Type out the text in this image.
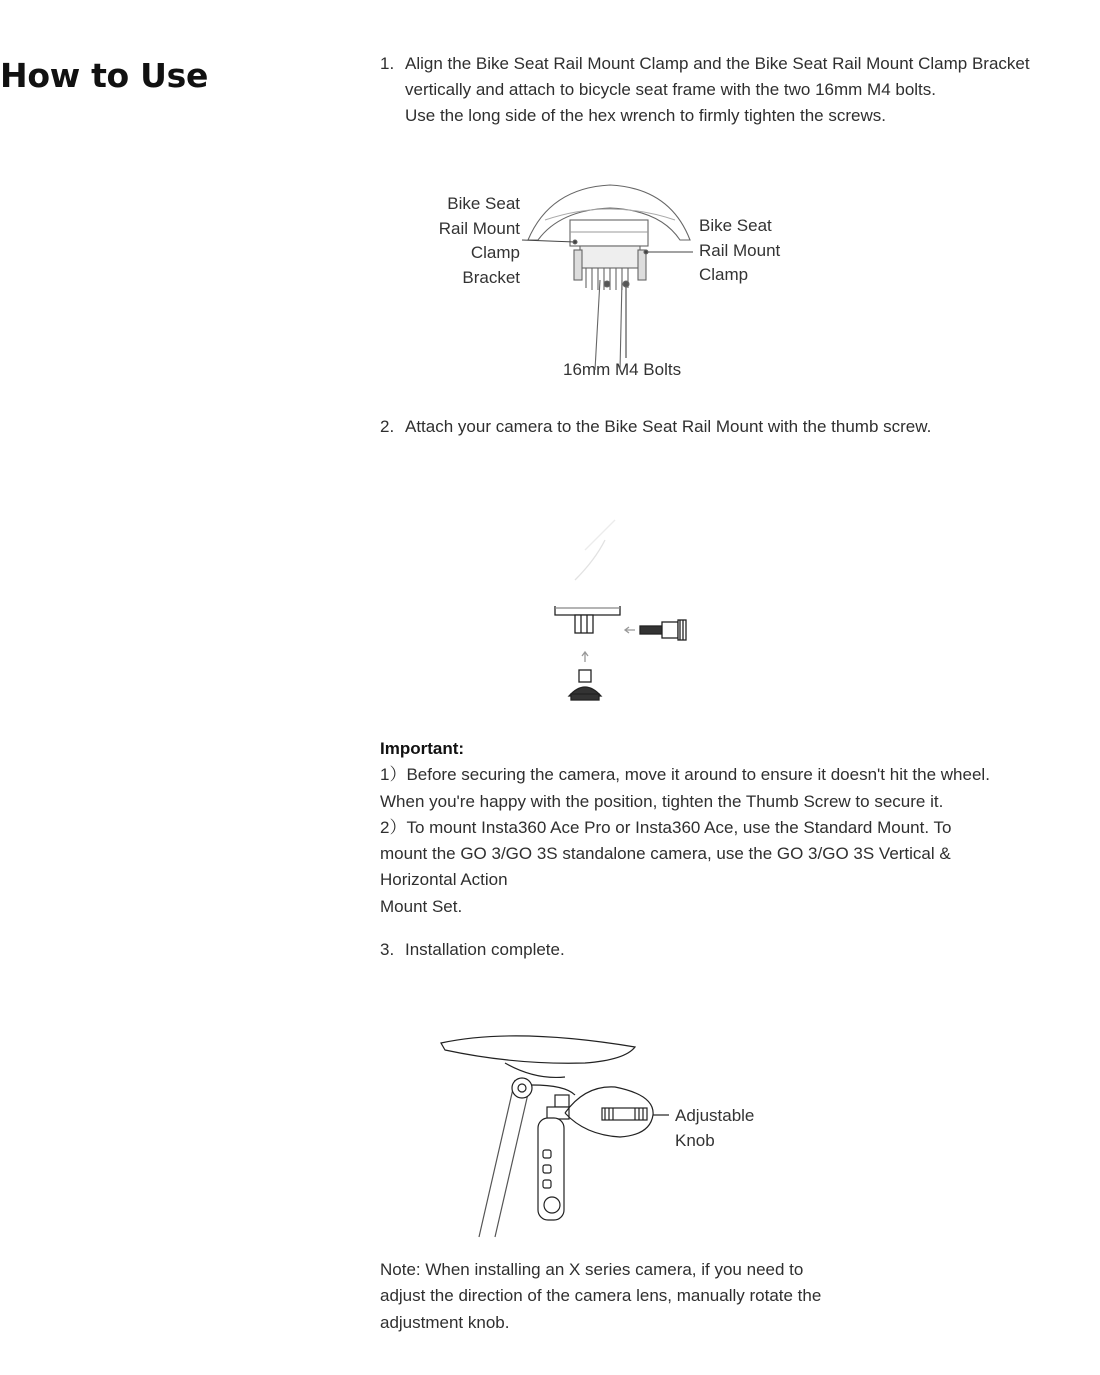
How to Use	1. Align the Bike Seat Rail Mount Clamp and the Bike Seat Rail Mount Clamp Bracket
vertically and attach to bicycle seat frame with the two 16mm M4 bolts.
Use the long side of the hex wrench to firmly tighten the screws.
Bike Seat
Rail Mount
Clamp
Bracket
Bike Seat
Rail Mount
Clamp
16mm M4 Bolts
2. Attach your camera to the Bike Seat Rail Mount with the thumb screw.
Important:

1）Before securing the camera, move it around to ensure it doesn't hit the wheel.
When you're happy with the position, tighten the Thumb Screw to secure it.

2）To mount Insta360 Ace Pro or Insta360 Ace, use the Standard Mount. To
mount the GO 3/GO 3S standalone camera, use the GO 3/GO 3S Vertical &
Horizontal Action
Mount Set.

3. Installation complete.
Adjustable
Knob
Note: When installing an X series camera, if you need to
adjust the direction of the camera lens, manually rotate the
adjustment knob.
